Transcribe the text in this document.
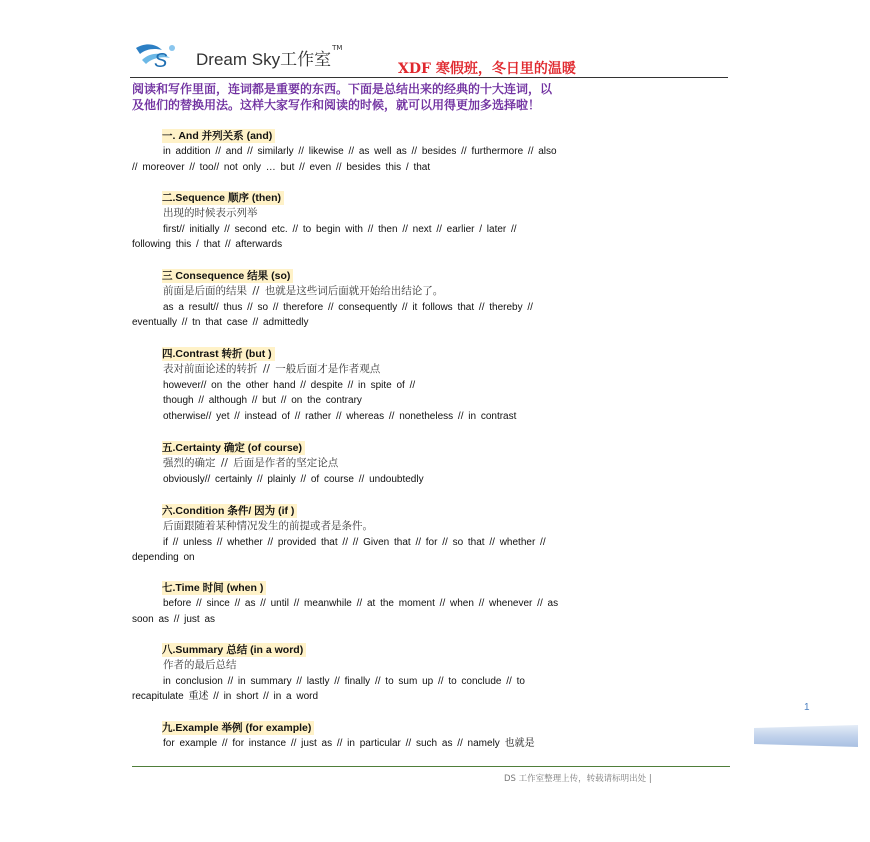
S Dream Sky工作室
TM
XDF 寒假班，冬日里的温暖
阅读和写作里面，连词都是重要的东西。下面是总结出来的经典的十大连词，以
及他们的替换用法。这样大家写作和阅读的时候，就可以用得更加多选择啦！
一. And 并列关系 (and)
in addition // and // similarly // likewise // as well as // besides // furthermore // also
// moreover // too// not only … but // even // besides this / that
二.Sequence 顺序 (then)
出现的时候表示列举
first// initially // second etc. // to begin with // then // next // earlier / later //
following this / that // afterwards
三 Consequence 结果 (so)
前面是后面的结果 // 也就是这些词后面就开始给出结论了。
as a result// thus // so // therefore // consequently // it follows that // thereby //
eventually // tn that case // admittedly
四.Contrast 转折 (but )
表对前面论述的转折 // 一般后面才是作者观点
however// on the other hand // despite // in spite of //
though // although // but // on the contrary
otherwise// yet // instead of // rather // whereas // nonetheless // in contrast
五.Certainty 确定 (of course)
强烈的确定 // 后面是作者的坚定论点
obviously// certainly // plainly // of course // undoubtedly
六.Condition 条件/ 因为 (if )
后面跟随着某种情况发生的前提或者是条件。
if // unless // whether // provided that // // Given that // for // so that // whether //
depending on
七.Time 时间 (when )
before // since // as // until // meanwhile // at the moment // when // whenever // as
soon as // just as
八.Summary 总结 (in a word)
作者的最后总结
in conclusion // in summary // lastly // finally // to sum up // to conclude // to
recapitulate 重述 // in short // in a word
九.Example 举例 (for example)
for example // for instance // just as // in particular // such as // namely 也就是
1
DS 工作室整理上传，转载请标明出处 |
